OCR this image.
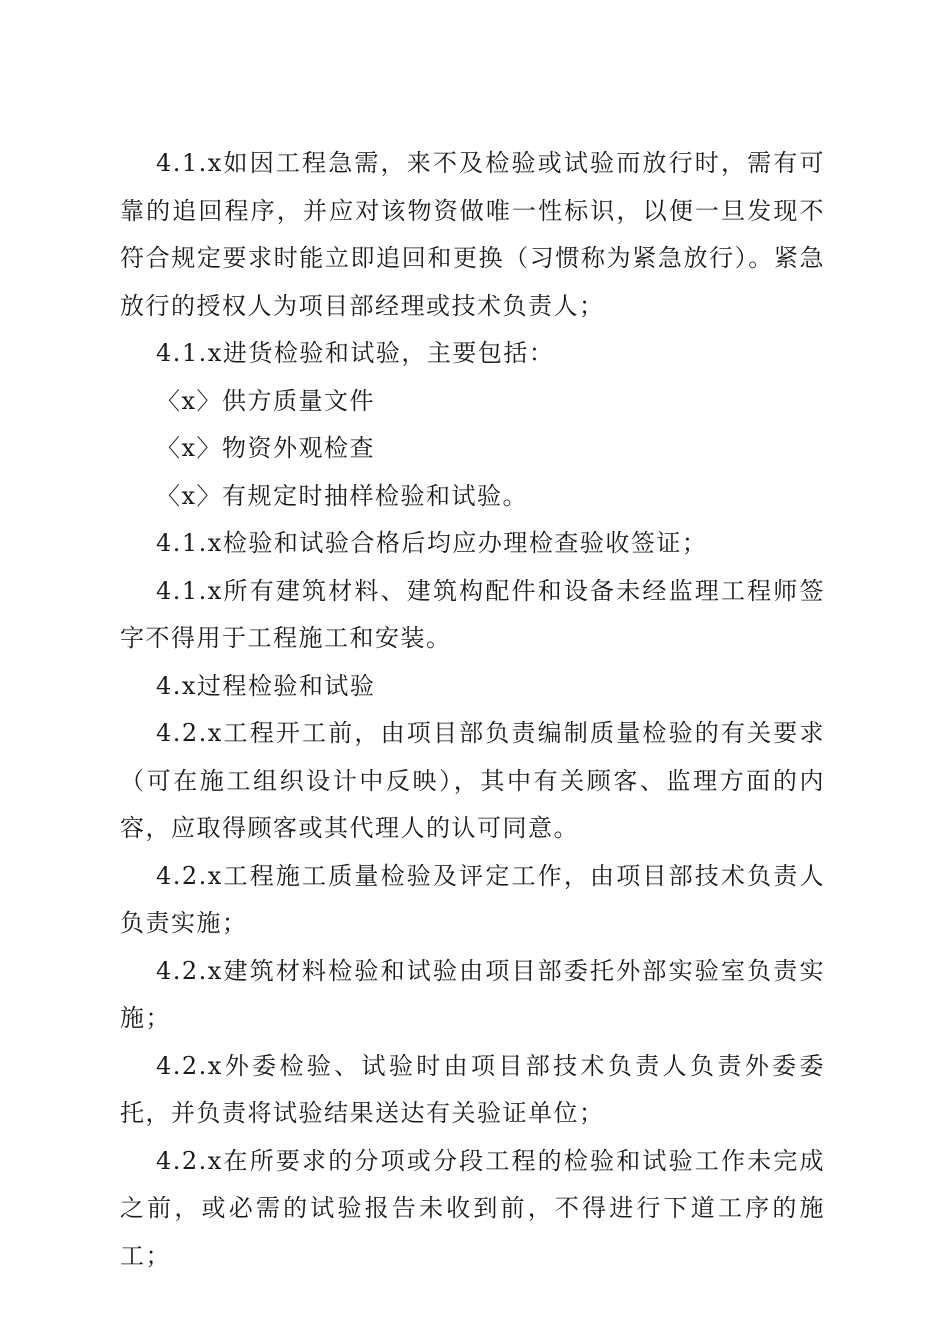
4.1.x如因工程急需，来不及检验或试验而放行时，需有可靠的追回程序，并应对该物资做唯一性标识，以便一旦发现不符合规定要求时能立即追回和更换（习惯称为紧急放行）。紧急放行的授权人为项目部经理或技术负责人；

4.1.x进货检验和试验，主要包括：

〈x〉供方质量文件

〈x〉物资外观检查

〈x〉有规定时抽样检验和试验。

4.1.x检验和试验合格后均应办理检查验收签证；

4.1.x所有建筑材料、建筑构配件和设备未经监理工程师签字不得用于工程施工和安装。

4.x过程检验和试验

4.2.x工程开工前，由项目部负责编制质量检验的有关要求（可在施工组织设计中反映），其中有关顾客、监理方面的内容，应取得顾客或其代理人的认可同意。

4.2.x工程施工质量检验及评定工作，由项目部技术负责人负责实施；

4.2.x建筑材料检验和试验由项目部委托外部实验室负责实施；

4.2.x外委检验、试验时由项目部技术负责人负责外委委托，并负责将试验结果送达有关验证单位；

4.2.x在所要求的分项或分段工程的检验和试验工作未完成之前，或必需的试验报告未收到前，不得进行下道工序的施工；
